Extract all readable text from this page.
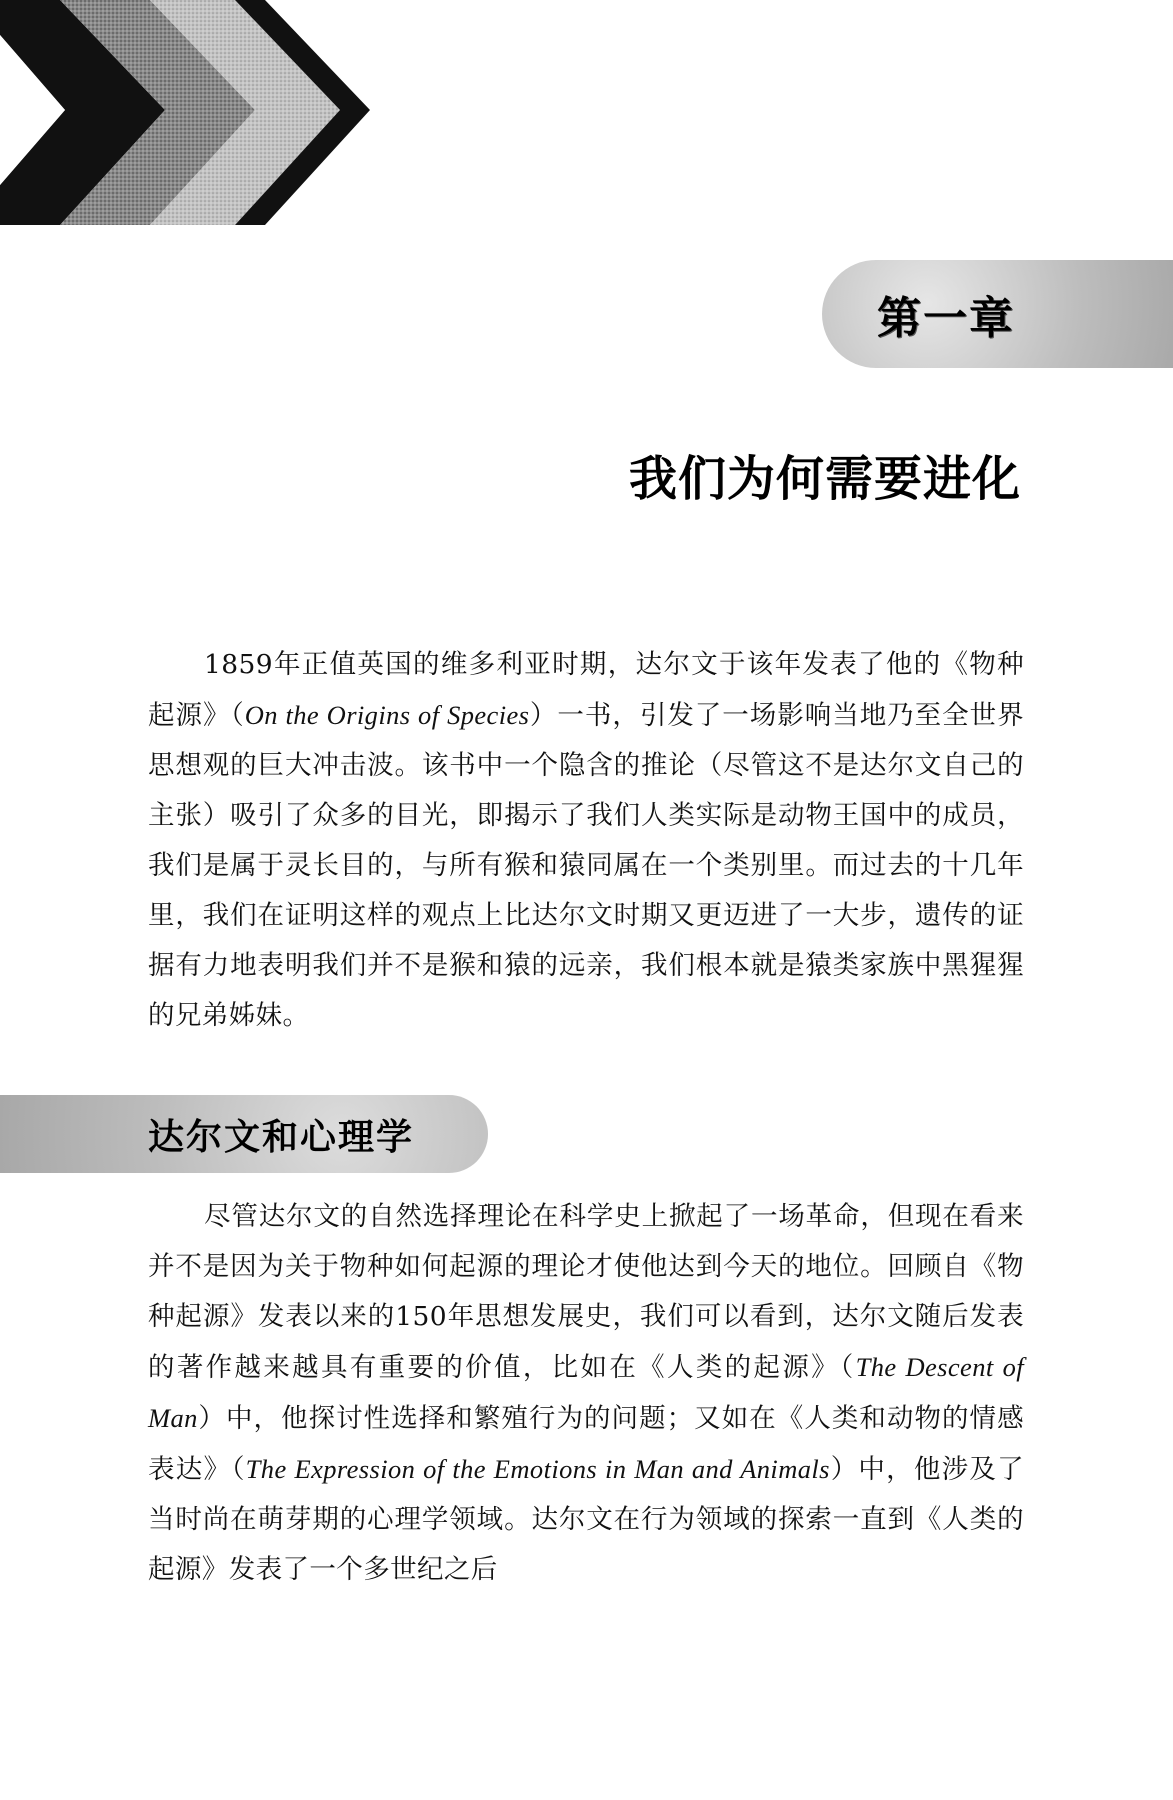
第一章
我们为何需要进化

1859年正值英国的维多利亚时期，达尔文于该年发表了他的《物种起源》（On the Origins of Species）一书，引发了一场影响当地乃至全世界思想观的巨大冲击波。该书中一个隐含的推论（尽管这不是达尔文自己的主张）吸引了众多的目光，即揭示了我们人类实际是动物王国中的成员，我们是属于灵长目的，与所有猴和猿同属在一个类别里。而过去的十几年里，我们在证明这样的观点上比达尔文时期又更迈进了一大步，遗传的证据有力地表明我们并不是猴和猿的远亲，我们根本就是猿类家族中黑猩猩的兄弟姊妹。

达尔文和心理学

尽管达尔文的自然选择理论在科学史上掀起了一场革命，但现在看来并不是因为关于物种如何起源的理论才使他达到今天的地位。回顾自《物种起源》发表以来的150年思想发展史，我们可以看到，达尔文随后发表的著作越来越具有重要的价值，比如在《人类的起源》（The Descent of Man）中，他探讨性选择和繁殖行为的问题；又如在《人类和动物的情感表达》（The Expression of the Emotions in Man and Animals）中，他涉及了当时尚在萌芽期的心理学领域。达尔文在行为领域的探索一直到《人类的起源》发表了一个多世纪之后
